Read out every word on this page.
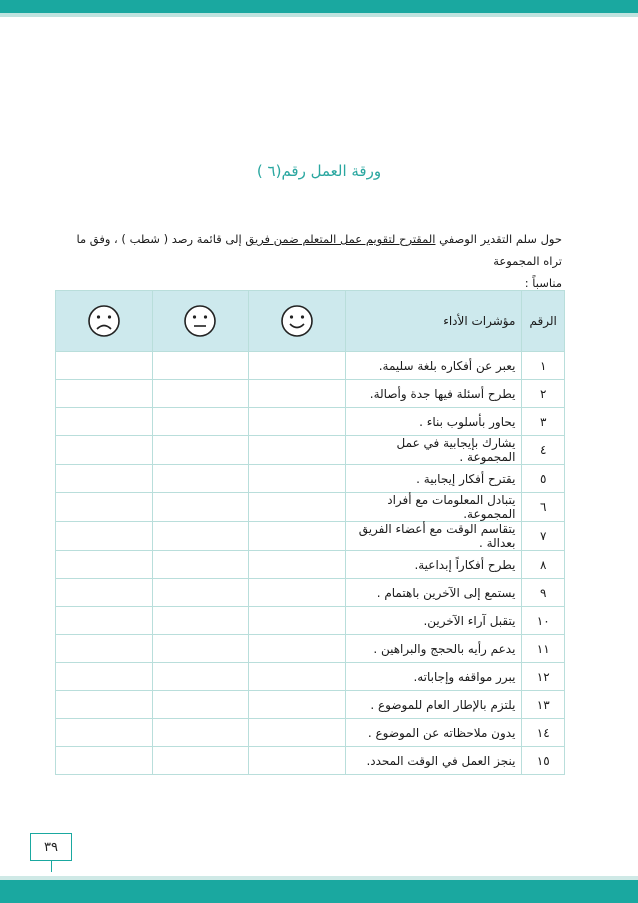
ورقة العمل رقم(٦ )
حول سلم التقدير الوصفي المقترح لتقويم عمل المتعلم ضمن فريق إلى قائمة رصد ( شطب ) ، وفق ما تراه المجموعة
مناسباً :
الرقم	مؤشرات الأداء	

١	يعبر عن أفكاره بلغة سليمة.			
٢	يطرح أسئلة فيها جدة وأصالة.			
٣	يحاور بأسلوب بناء .			
٤	يشارك بإيجابية في عمل المجموعة .			
٥	يقترح أفكار إيجابية .			
٦	يتبادل المعلومات مع أفراد المجموعة.			
٧	يتقاسم الوقت مع أعضاء الفريق بعدالة .			
٨	يطرح أفكاراً إبداعية.			
٩	يستمع إلى الآخرين باهتمام .			
١٠	يتقبل آراء الآخرين.			
١١	يدعم رأيه بالحجج والبراهين .			
١٢	يبرر مواقفه وإجاباته.			
١٣	يلتزم بالإطار العام للموضوع .			
١٤	يدون ملاحظاته عن الموضوع .			
١٥	ينجز العمل في الوقت المحدد.			
٣٩
